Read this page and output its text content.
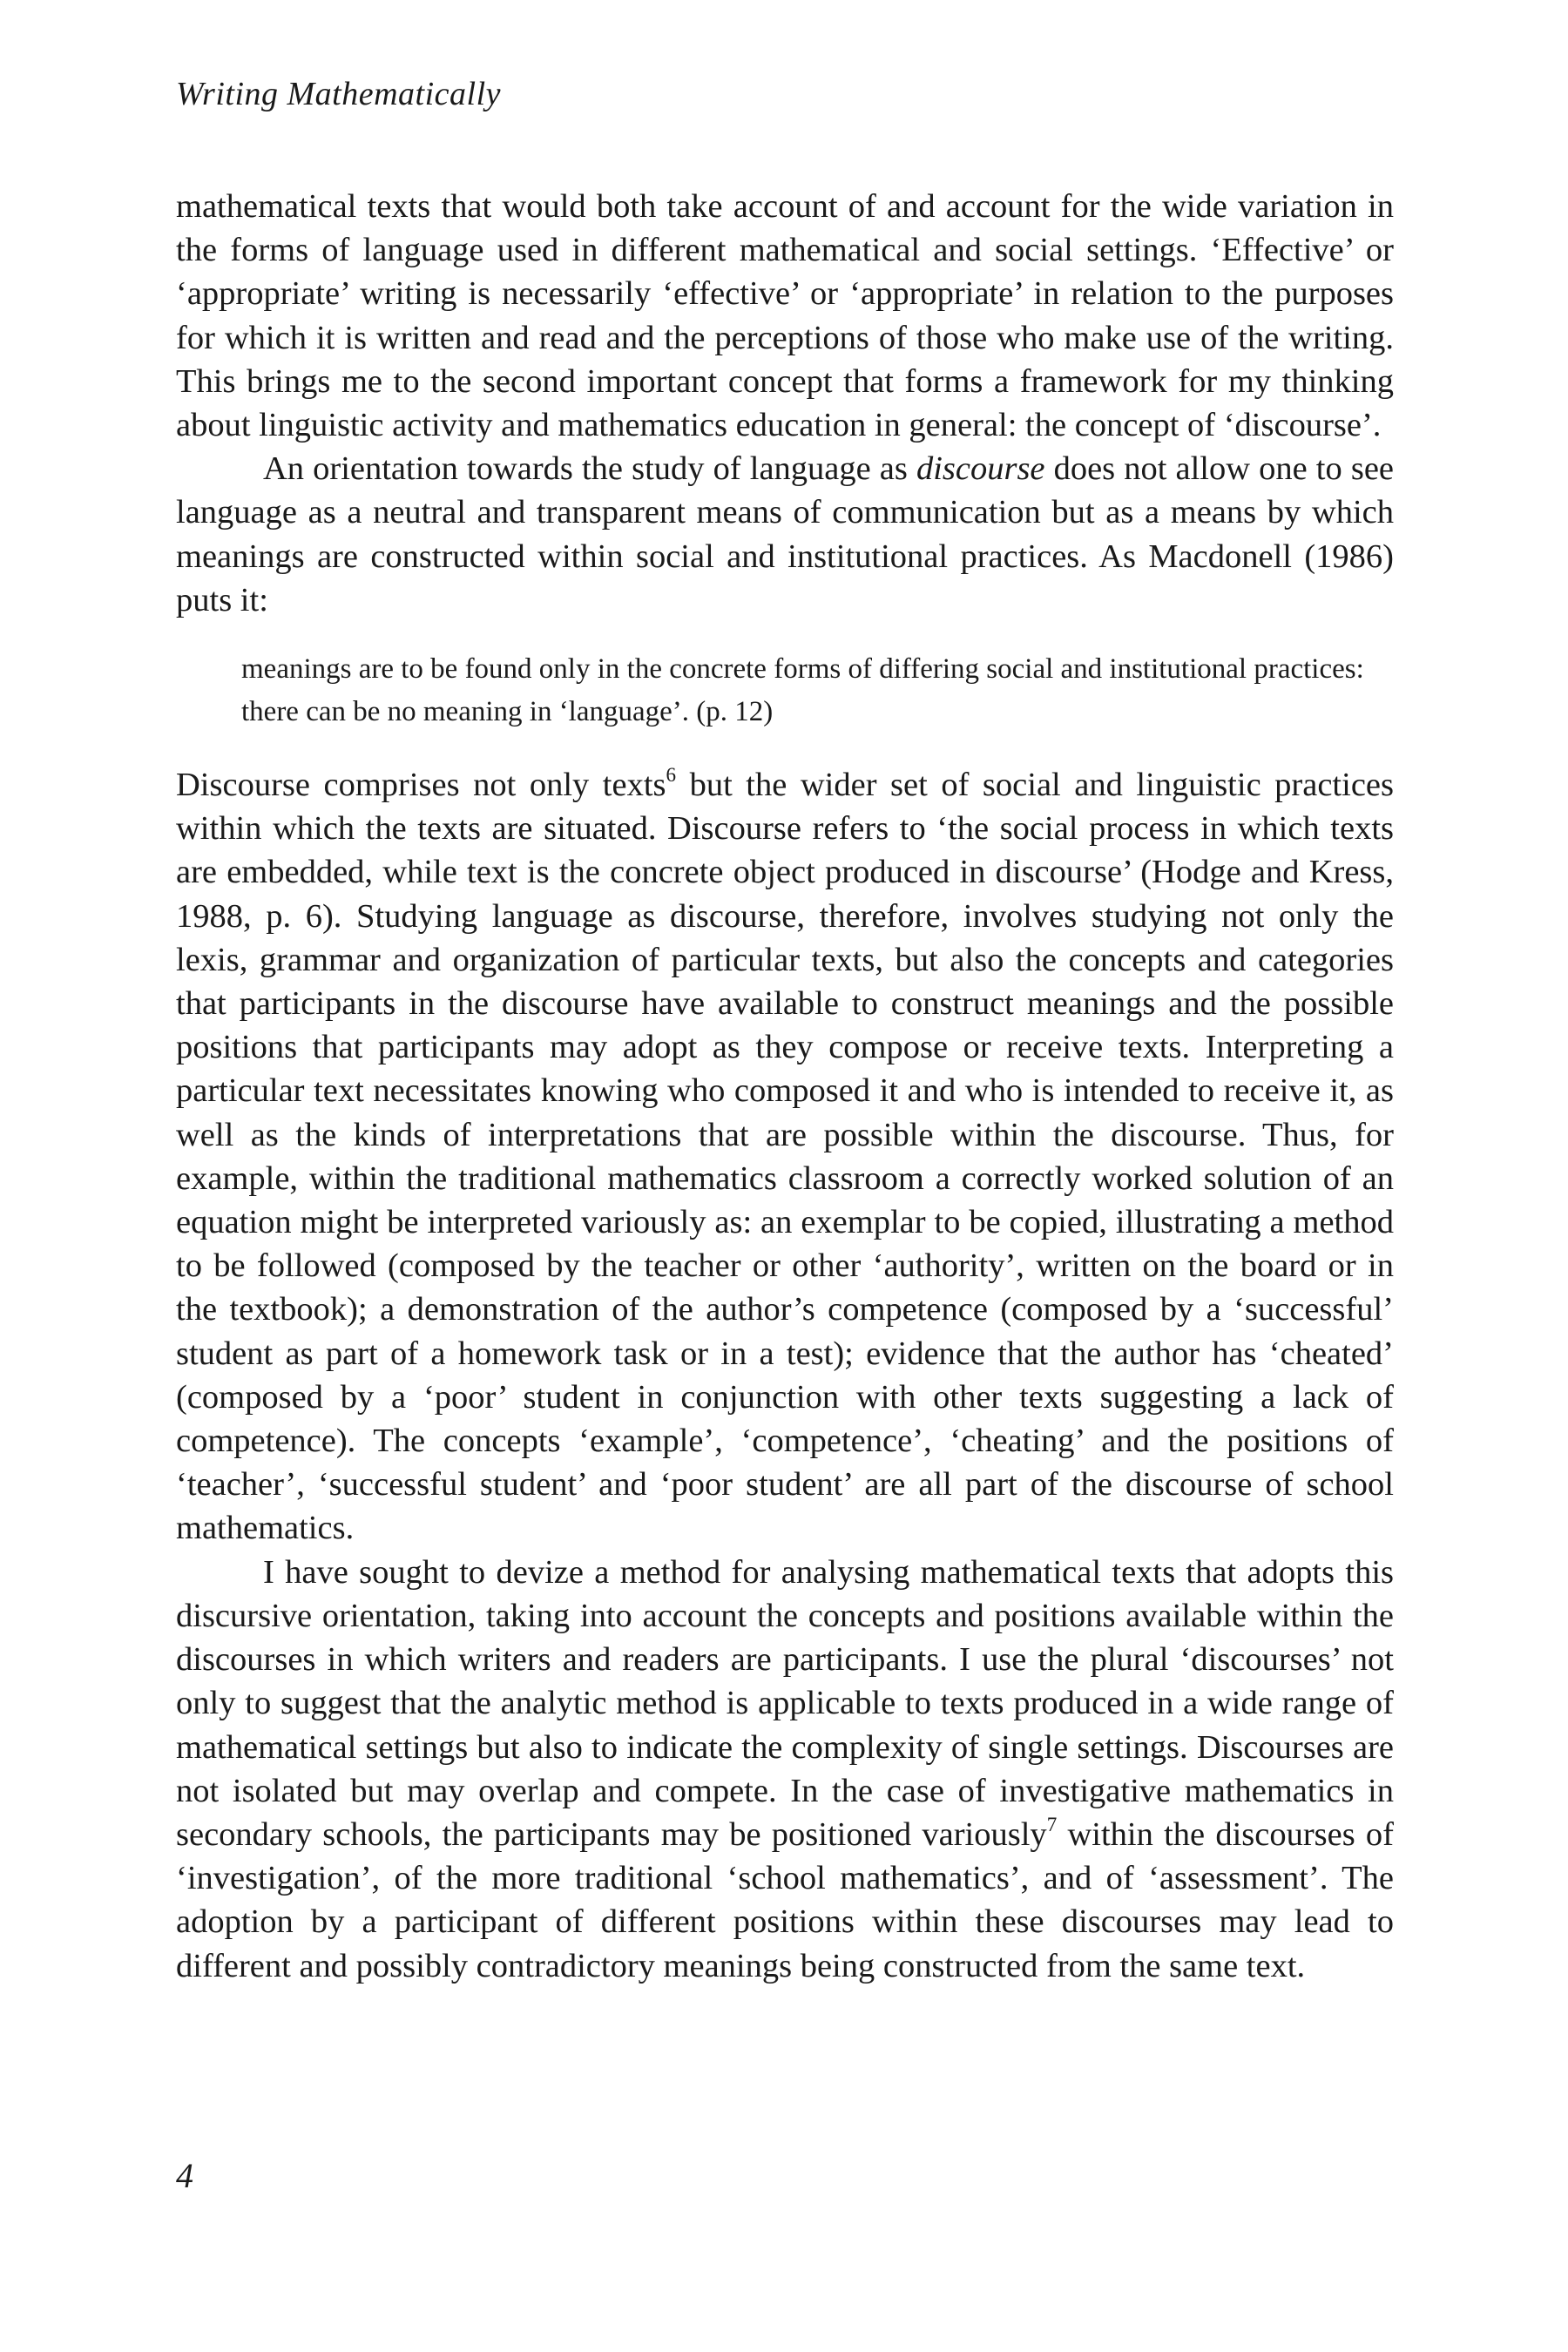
Writing Mathematically

mathematical texts that would both take account of and account for the wide variation in the forms of language used in different mathematical and social settings. ‘Effective’ or ‘appropriate’ writing is necessarily ‘effective’ or ‘appropriate’ in relation to the purposes for which it is written and read and the perceptions of those who make use of the writing. This brings me to the second important concept that forms a framework for my thinking about linguistic activity and mathematics education in general: the concept of ‘discourse’.

An orientation towards the study of language as discourse does not allow one to see language as a neutral and transparent means of communication but as a means by which meanings are constructed within social and institutional practices. As Macdonell (1986) puts it:

meanings are to be found only in the concrete forms of differing social and institutional practices: there can be no meaning in ‘language’. (p. 12)

Discourse comprises not only texts$^6$ but the wider set of social and linguistic practices within which the texts are situated. Discourse refers to ‘the social process in which texts are embedded, while text is the concrete object produced in discourse’ (Hodge and Kress, 1988, p. 6). Studying language as discourse, therefore, involves studying not only the lexis, grammar and organization of particular texts, but also the concepts and categories that participants in the discourse have available to construct meanings and the possible positions that participants may adopt as they compose or receive texts. Interpreting a particular text necessitates knowing who composed it and who is intended to receive it, as well as the kinds of interpretations that are possible within the discourse. Thus, for example, within the traditional mathematics classroom a correctly worked solution of an equation might be interpreted variously as: an exemplar to be copied, illustrating a method to be followed (composed by the teacher or other ‘authority’, written on the board or in the textbook); a demonstration of the author’s competence (composed by a ‘successful’ student as part of a homework task or in a test); evidence that the author has ‘cheated’ (composed by a ‘poor’ student in conjunction with other texts suggesting a lack of competence). The concepts ‘example’, ‘competence’, ‘cheating’ and the positions of ‘teacher’, ‘successful student’ and ‘poor student’ are all part of the discourse of school mathematics.

I have sought to devize a method for analysing mathematical texts that adopts this discursive orientation, taking into account the concepts and positions available within the discourses in which writers and readers are participants. I use the plural ‘discourses’ not only to suggest that the analytic method is applicable to texts produced in a wide range of mathematical settings but also to indicate the complexity of single settings. Discourses are not isolated but may overlap and compete. In the case of investigative mathematics in secondary schools, the participants may be positioned variously$^7$ within the discourses of ‘investigation’, of the more traditional ‘school mathematics’, and of ‘assessment’. The adoption by a participant of different positions within these discourses may lead to different and possibly contradictory meanings being constructed from the same text.

4
